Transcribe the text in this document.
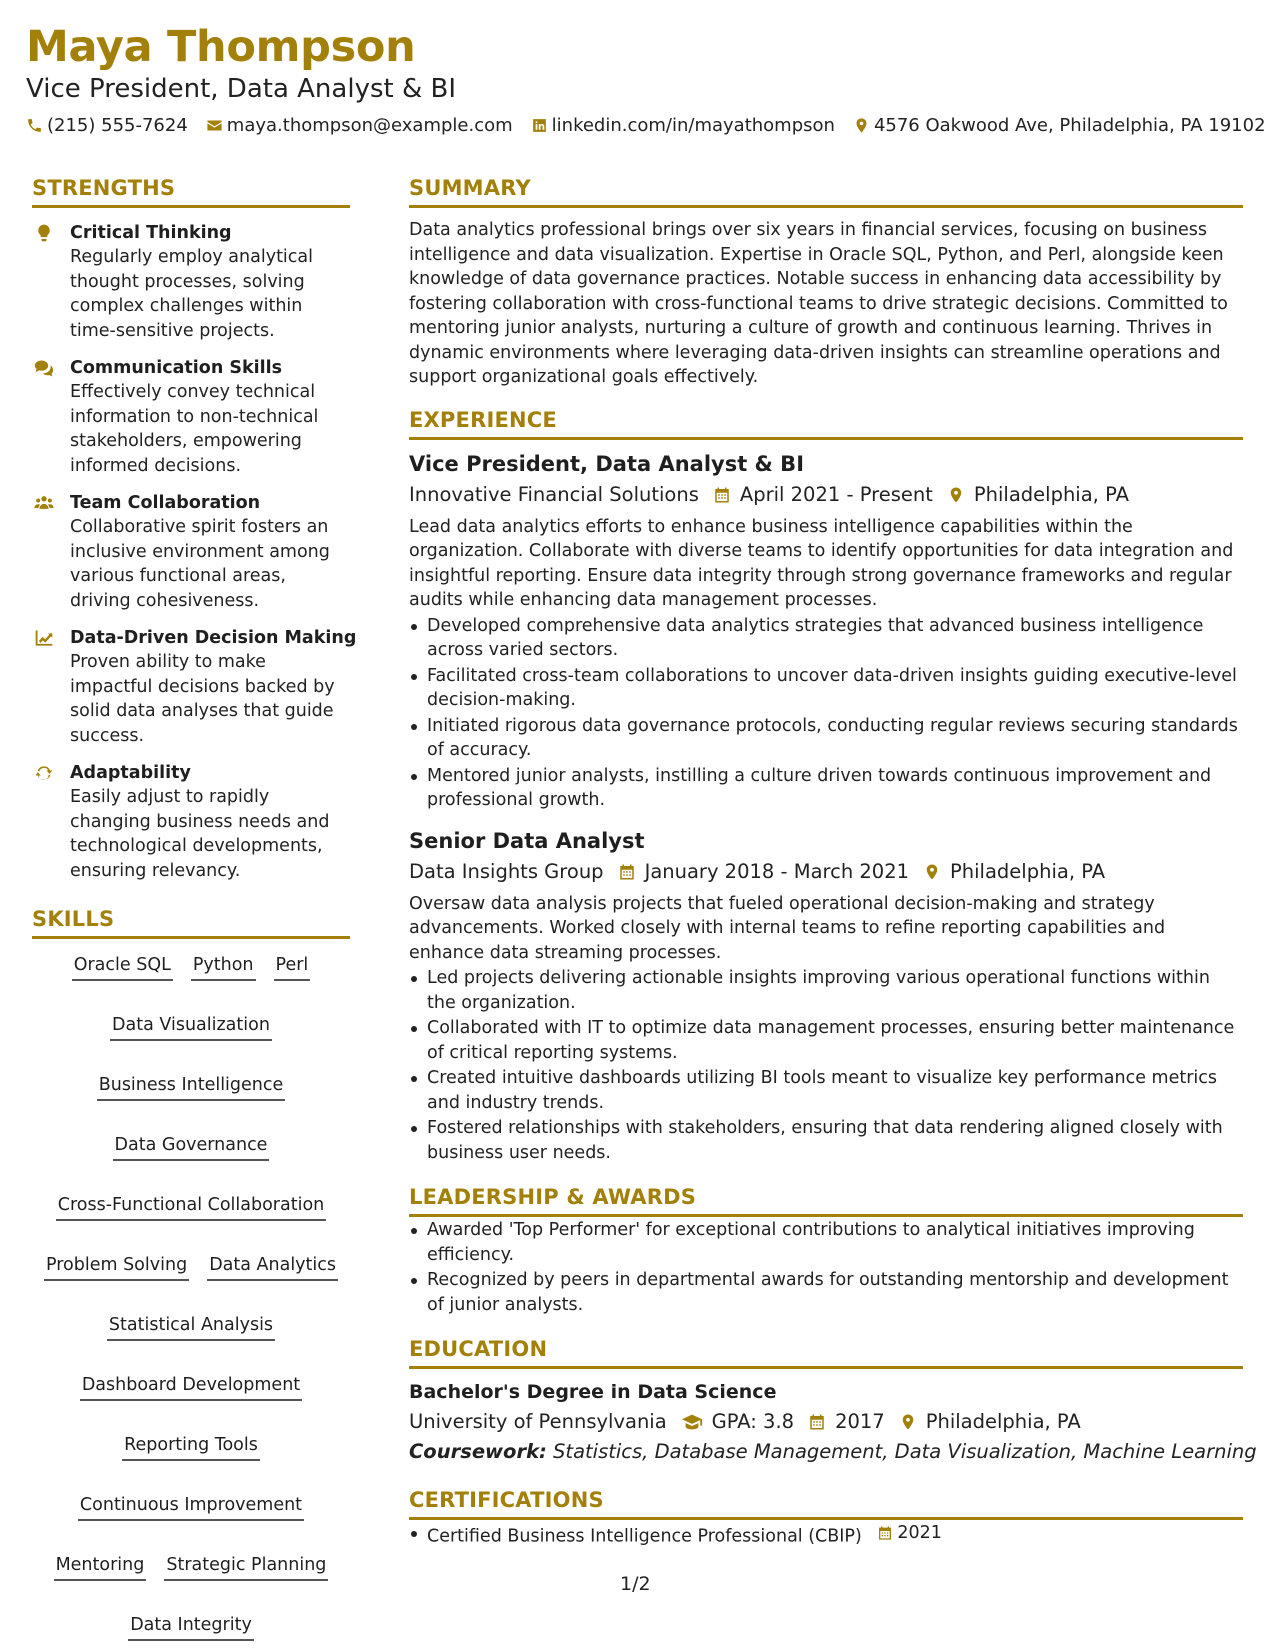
Maya Thompson
Vice President, Data Analyst & BI
(215) 555-7624 maya.thompson@example.com linkedin.com/in/mayathompson 4576 Oakwood Ave, Philadelphia, PA 19102
STRENGTHS
Critical Thinking
Regularly employ analytical thought processes, solving complex challenges within time-sensitive projects.
Communication Skills
Effectively convey technical information to non-technical stakeholders, empowering informed decisions.
Team Collaboration
Collaborative spirit fosters an inclusive environment among various functional areas, driving cohesiveness.
Data-Driven Decision Making
Proven ability to make impactful decisions backed by solid data analyses that guide success.
Adaptability
Easily adjust to rapidly changing business needs and technological developments, ensuring relevancy.
SKILLS
Oracle SQL Python Perl
Data Visualization
Business Intelligence
Data Governance
Cross-Functional Collaboration
Problem Solving Data Analytics
Statistical Analysis
Dashboard Development
Reporting Tools
Continuous Improvement
Mentoring Strategic Planning
Data Integrity
SUMMARY
Data analytics professional brings over six years in financial services, focusing on business intelligence and data visualization. Expertise in Oracle SQL, Python, and Perl, alongside keen knowledge of data governance practices. Notable success in enhancing data accessibility by fostering collaboration with cross-functional teams to drive strategic decisions. Committed to mentoring junior analysts, nurturing a culture of growth and continuous learning. Thrives in dynamic environments where leveraging data-driven insights can streamline operations and support organizational goals effectively.
EXPERIENCE
Vice President, Data Analyst & BI
Innovative Financial Solutions April 2021 - Present Philadelphia, PA
Lead data analytics efforts to enhance business intelligence capabilities within the organization. Collaborate with diverse teams to identify opportunities for data integration and insightful reporting. Ensure data integrity through strong governance frameworks and regular audits while enhancing data management processes.
Developed comprehensive data analytics strategies that advanced business intelligence across varied sectors.
Facilitated cross-team collaborations to uncover data-driven insights guiding executive-level decision-making.
Initiated rigorous data governance protocols, conducting regular reviews securing standards of accuracy.
Mentored junior analysts, instilling a culture driven towards continuous improvement and professional growth.
Senior Data Analyst
Data Insights Group January 2018 - March 2021 Philadelphia, PA
Oversaw data analysis projects that fueled operational decision-making and strategy advancements. Worked closely with internal teams to refine reporting capabilities and enhance data streaming processes.
Led projects delivering actionable insights improving various operational functions within the organization.
Collaborated with IT to optimize data management processes, ensuring better maintenance of critical reporting systems.
Created intuitive dashboards utilizing BI tools meant to visualize key performance metrics and industry trends.
Fostered relationships with stakeholders, ensuring that data rendering aligned closely with business user needs.
LEADERSHIP & AWARDS
Awarded 'Top Performer' for exceptional contributions to analytical initiatives improving efficiency.
Recognized by peers in departmental awards for outstanding mentorship and development of junior analysts.
EDUCATION
Bachelor's Degree in Data Science
University of Pennsylvania GPA: 3.8 2017 Philadelphia, PA
Coursework: Statistics, Database Management, Data Visualization, Machine Learning
CERTIFICATIONS
Certified Business Intelligence Professional (CBIP) 2021
1/2
